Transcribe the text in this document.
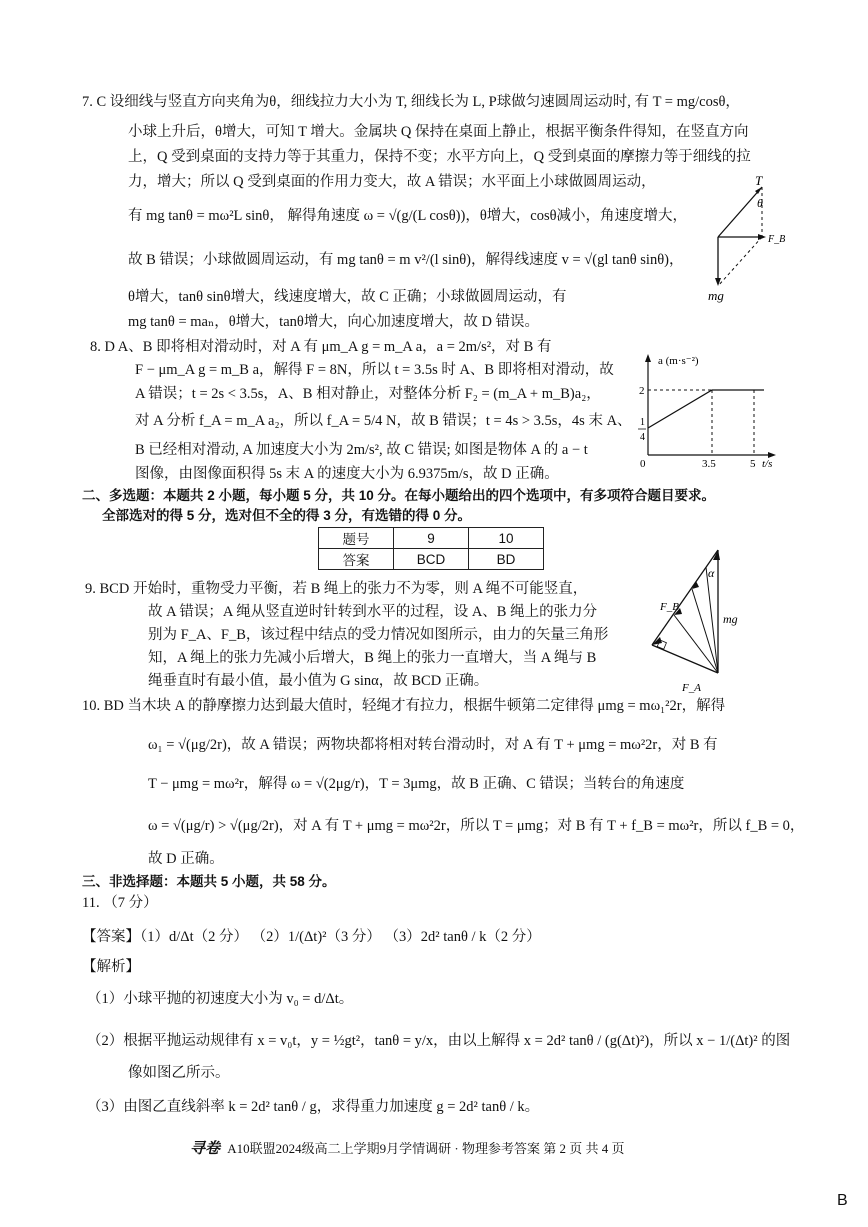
7. C 设细线与竖直方向夹角为θ，细线拉力大小为 T, 细线长为 L, P球做匀速圆周运动时, 有 T = mg/cosθ，
小球上升后，θ增大，可知 T 增大。金属块 Q 保持在桌面上静止，根据平衡条件得知，在竖直方向
上，Q 受到桌面的支持力等于其重力，保持不变；水平方向上，Q 受到桌面的摩擦力等于细线的拉
力，增大；所以 Q 受到桌面的作用力变大，故 A 错误；水平面上小球做圆周运动，
有 mg tanθ = mω²L sinθ， 解得角速度 ω = √(g/(L cosθ))，θ增大，cosθ减小，角速度增大，
故 B 错误；小球做圆周运动，有 mg tanθ = m v²/(l sinθ)，解得线速度 v = √(gl tanθ sinθ)，
θ增大，tanθ sinθ增大，线速度增大，故 C 正确；小球做圆周运动，有
mg tanθ = maₙ，θ增大，tanθ增大，向心加速度增大，故 D 错误。
8. D A、B 即将相对滑动时，对 A 有 μm_A g = m_A a，a = 2m/s²，对 B 有
F − μm_A g = m_B a，解得 F = 8N，所以 t = 3.5s 时 A、B 即将相对滑动，故
A 错误；t = 2s < 3.5s，A、B 相对静止，对整体分析 F₂ = (m_A + m_B)a₂，
对 A 分析 f_A = m_A a₂，所以 f_A = 5/4 N，故 B 错误；t = 4s > 3.5s，4s 末 A、
B 已经相对滑动, A 加速度大小为 2m/s², 故 C 错误; 如图是物体 A 的 a − t
图像，由图像面积得 5s 末 A 的速度大小为 6.9375m/s，故 D 正确。
二、多选题：本题共 2 小题，每小题 5 分，共 10 分。在每小题给出的四个选项中，有多项符合题目要求。
全部选对的得 5 分，选对但不全的得 3 分，有选错的得 0 分。
9. BCD 开始时，重物受力平衡，若 B 绳上的张力不为零，则 A 绳不可能竖直，
故 A 错误；A 绳从竖直逆时针转到水平的过程，设 A、B 绳上的张力分
别为 F_A、F_B，该过程中结点的受力情况如图所示，由力的矢量三角形
知，A 绳上的张力先减小后增大，B 绳上的张力一直增大，当 A 绳与 B
绳垂直时有最小值，最小值为 G sinα，故 BCD 正确。
10. BD 当木块 A 的静摩擦力达到最大值时，轻绳才有拉力，根据牛顿第二定律得 μmg = mω₁²2r，解得
ω₁ = √(μg/2r)，故 A 错误；两物块都将相对转台滑动时，对 A 有 T + μmg = mω²2r，对 B 有
T − μmg = mω²r，解得 ω = √(2μg/r)，T = 3μmg，故 B 正确、C 错误；当转台的角速度
ω = √(μg/r) > √(μg/2r)，对 A 有 T + μmg = mω²2r，所以 T = μmg；对 B 有 T + f_B = mω²r，所以 f_B = 0，
故 D 正确。
三、非选择题：本题共 5 小题，共 58 分。
11. （7 分）
【答案】（1）d/Δt（2 分） （2）1/(Δt)²（3 分） （3）2d² tanθ / k（2 分）
【解析】
（1）小球平抛的初速度大小为 v₀ = d/Δt。
（2）根据平抛运动规律有 x = v₀t，y = ½gt²，tanθ = y/x，由以上解得 x = 2d² tanθ / (g(Δt)²)，所以 x − 1/(Δt)² 的图
像如图乙所示。
（3）由图乙直线斜率 k = 2d² tanθ / g，求得重力加速度 g = 2d² tanθ / k。
题号	9	10
答案	BCD	BD
T
θ
F_B
mg
a (m·s⁻²)
2
1
4
0	3.5	5 t/s
α
F_B
mg
F_A
寻卷 A10联盟2024级高二上学期9月学情调研 · 物理参考答案 第 2 页 共 4 页
B
